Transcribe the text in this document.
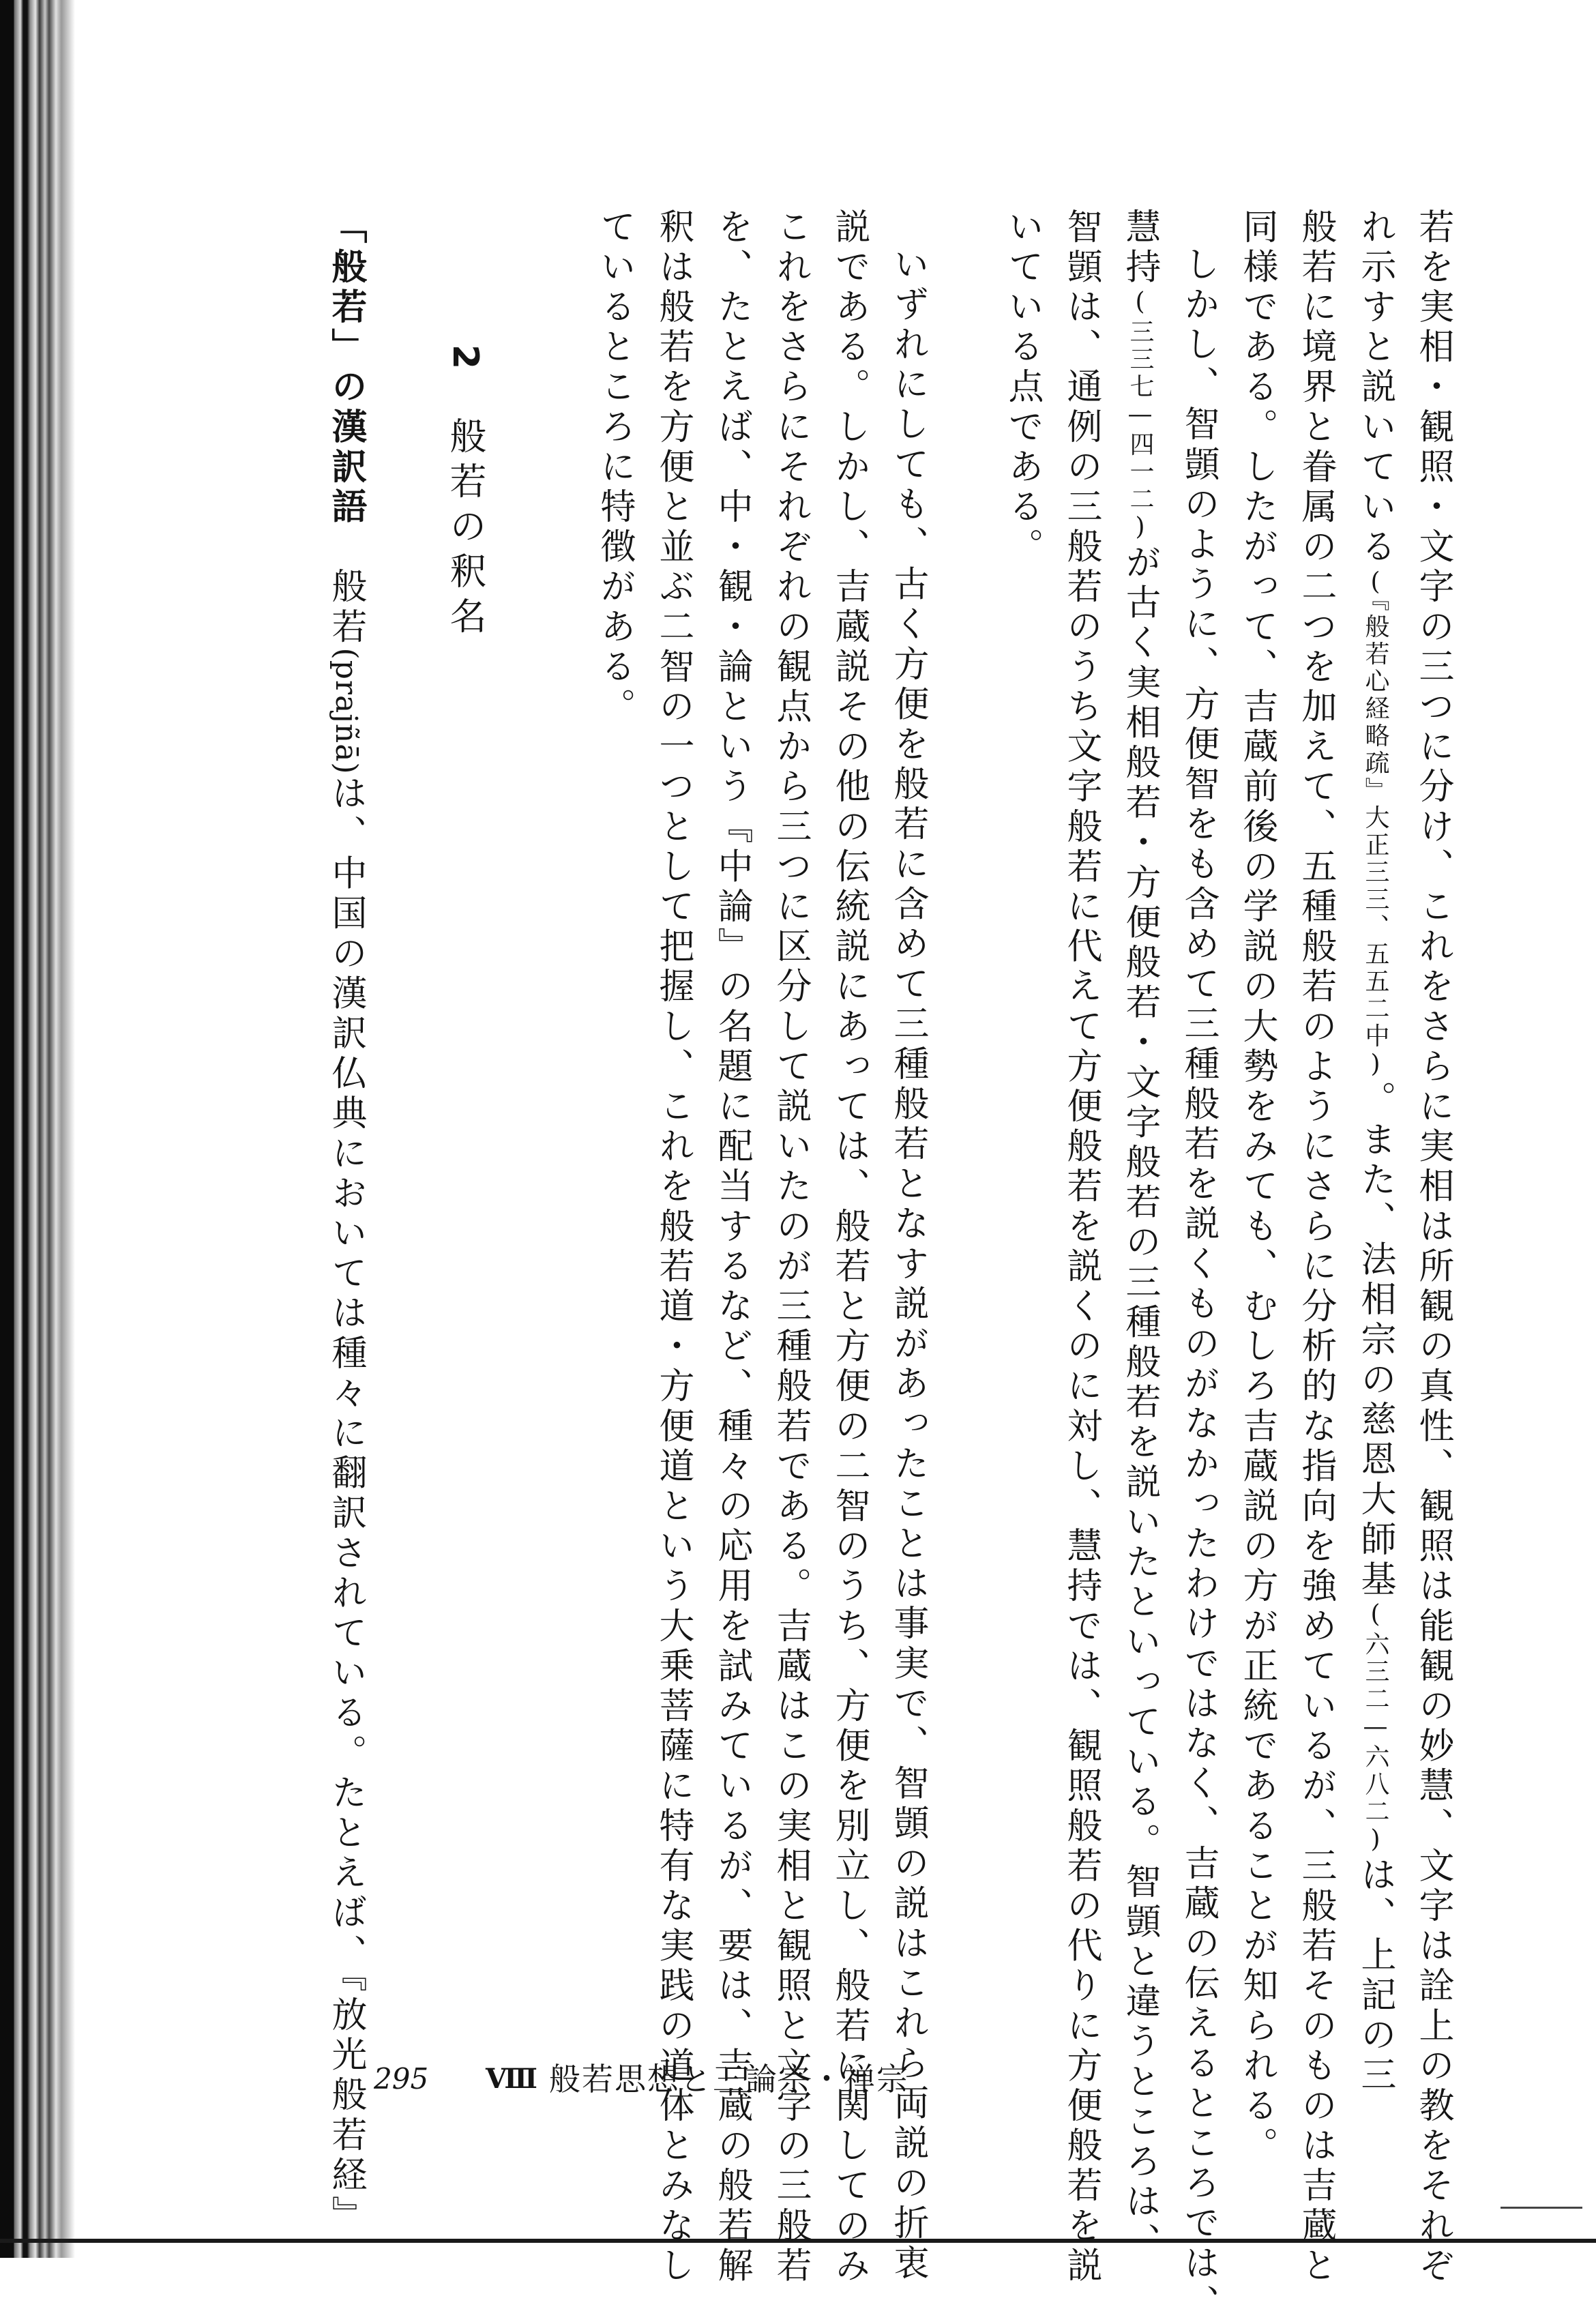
若を実相・観照・文字の三つに分け、これをさらに実相は所観の真性、観照は能観の妙慧、文字は詮上の教をそれぞ
れ示すと説いている(『般若心経略疏』大正三三、五五二中)。また、法相宗の慈恩大師基(六三二—六八二)は、上記の三
般若に境界と眷属の二つを加えて、五種般若のようにさらに分析的な指向を強めているが、三般若そのものは吉蔵と
同様である。したがって、吉蔵前後の学説の大勢をみても、むしろ吉蔵説の方が正統であることが知られる。
しかし、智顗のように、方便智をも含めて三種般若を説くものがなかったわけではなく、吉蔵の伝えるところでは、
慧持(三三七—四一二)が古く実相般若・方便般若・文字般若の三種般若を説いたといっている。智顗と違うところは、
智顗は、通例の三般若のうち文字般若に代えて方便般若を説くのに対し、慧持では、観照般若の代りに方便般若を説
いている点である。
いずれにしても、古く方便を般若に含めて三種般若となす説があったことは事実で、智顗の説はこれら両説の折衷
説である。しかし、吉蔵説その他の伝統説にあっては、般若と方便の二智のうち、方便を別立し、般若に関してのみ
これをさらにそれぞれの観点から三つに区分して説いたのが三種般若である。吉蔵はこの実相と観照と文字の三般若
を、たとえば、中・観・論という『中論』の名題に配当するなど、種々の応用を試みているが、要は、吉蔵の般若解
釈は般若を方便と並ぶ二智の一つとして把握し、これを般若道・方便道という大乗菩薩に特有な実践の道体とみなし
ているところに特徴がある。
「般若」の漢訳語　般若(prajñā)は、中国の漢訳仏典においては種々に翻訳されている。たとえば、『放光般若経』
2般若の釈名
295 Ⅷ 般若思想と三論宗・禅宗
